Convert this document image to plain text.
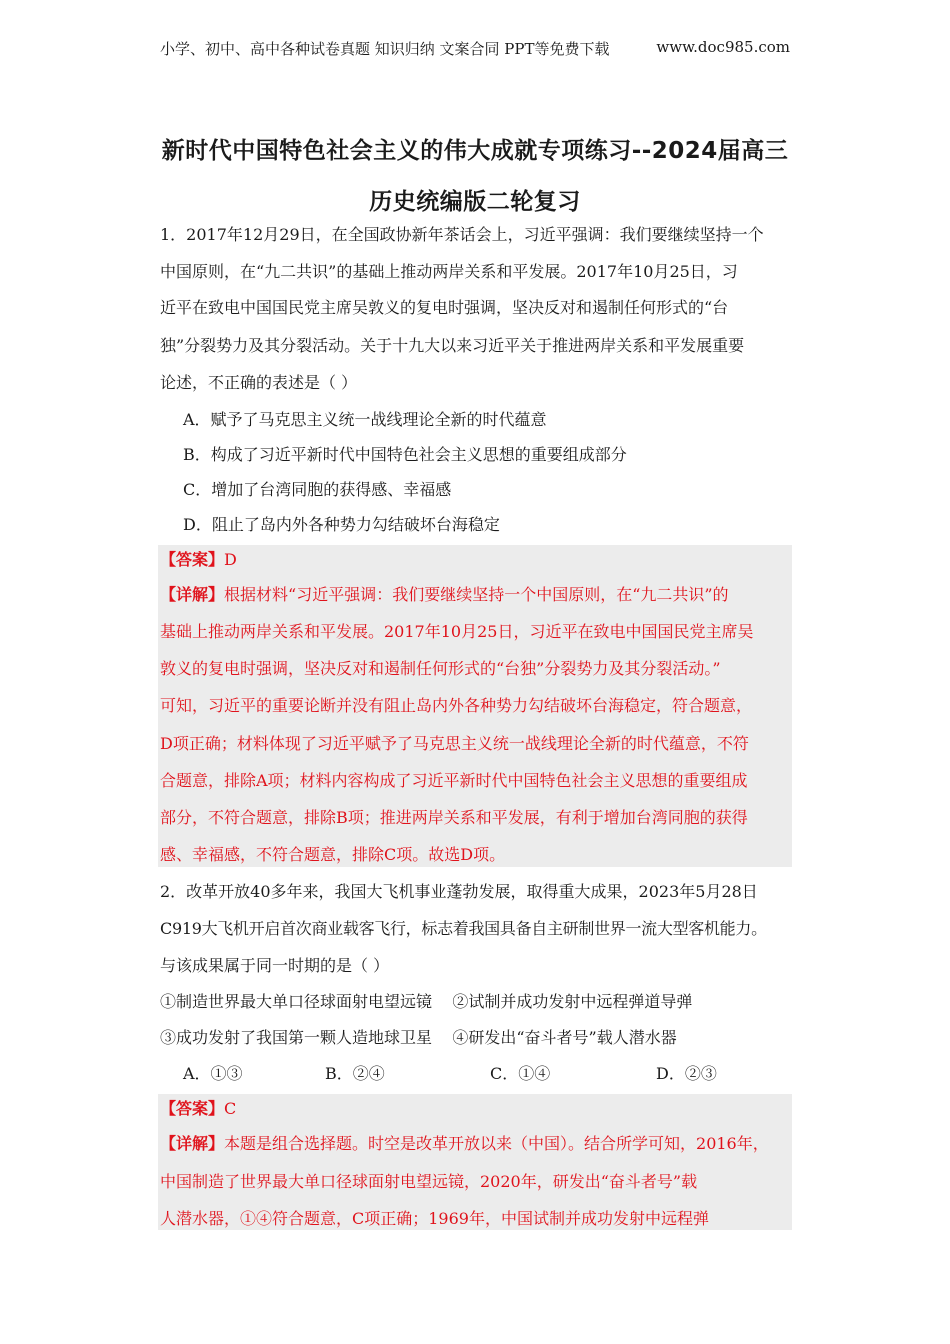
小学、初中、高中各种试卷真题 知识归纳 文案合同 PPT等免费下载	www.doc985.com
新时代中国特色社会主义的伟大成就专项练习--2024届高三
历史统编版二轮复习
1．2017年12月29日，在全国政协新年茶话会上，习近平强调：我们要继续坚持一个
中国原则，在“九二共识”的基础上推动两岸关系和平发展。2017年10月25日，习
近平在致电中国国民党主席吴敦义的复电时强调，坚决反对和遏制任何形式的“台
独”分裂势力及其分裂活动。关于十九大以来习近平关于推进两岸关系和平发展重要
论述，不正确的表述是（ ）
A．赋予了马克思主义统一战线理论全新的时代蕴意
B．构成了习近平新时代中国特色社会主义思想的重要组成部分
C．增加了台湾同胞的获得感、幸福感
D．阻止了岛内外各种势力勾结破坏台海稳定
【答案】D
【详解】根据材料“习近平强调：我们要继续坚持一个中国原则，在“九二共识”的
基础上推动两岸关系和平发展。2017年10月25日，习近平在致电中国国民党主席吴
敦义的复电时强调，坚决反对和遏制任何形式的“台独”分裂势力及其分裂活动。”
可知，习近平的重要论断并没有阻止岛内外各种势力勾结破坏台海稳定，符合题意，
D项正确；材料体现了习近平赋予了马克思主义统一战线理论全新的时代蕴意，不符
合题意，排除A项；材料内容构成了习近平新时代中国特色社会主义思想的重要组成
部分，不符合题意，排除B项；推进两岸关系和平发展，有利于增加台湾同胞的获得
感、幸福感，不符合题意，排除C项。故选D项。
2．改革开放40多年来，我国大飞机事业蓬勃发展，取得重大成果，2023年5月28日
C919大飞机开启首次商业载客飞行，标志着我国具备自主研制世界一流大型客机能力。
与该成果属于同一时期的是（ ）
①制造世界最大单口径球面射电望远镜    ②试制并成功发射中远程弹道导弹
③成功发射了我国第一颗人造地球卫星    ④研发出“奋斗者号”载人潜水器
A．①③	B．②④	C．①④	D．②③
【答案】C
【详解】本题是组合选择题。时空是改革开放以来（中国）。结合所学可知，2016年，
中国制造了世界最大单口径球面射电望远镜，2020年，研发出“奋斗者号”载
人潜水器，①④符合题意，C项正确；1969年，中国试制并成功发射中远程弹
